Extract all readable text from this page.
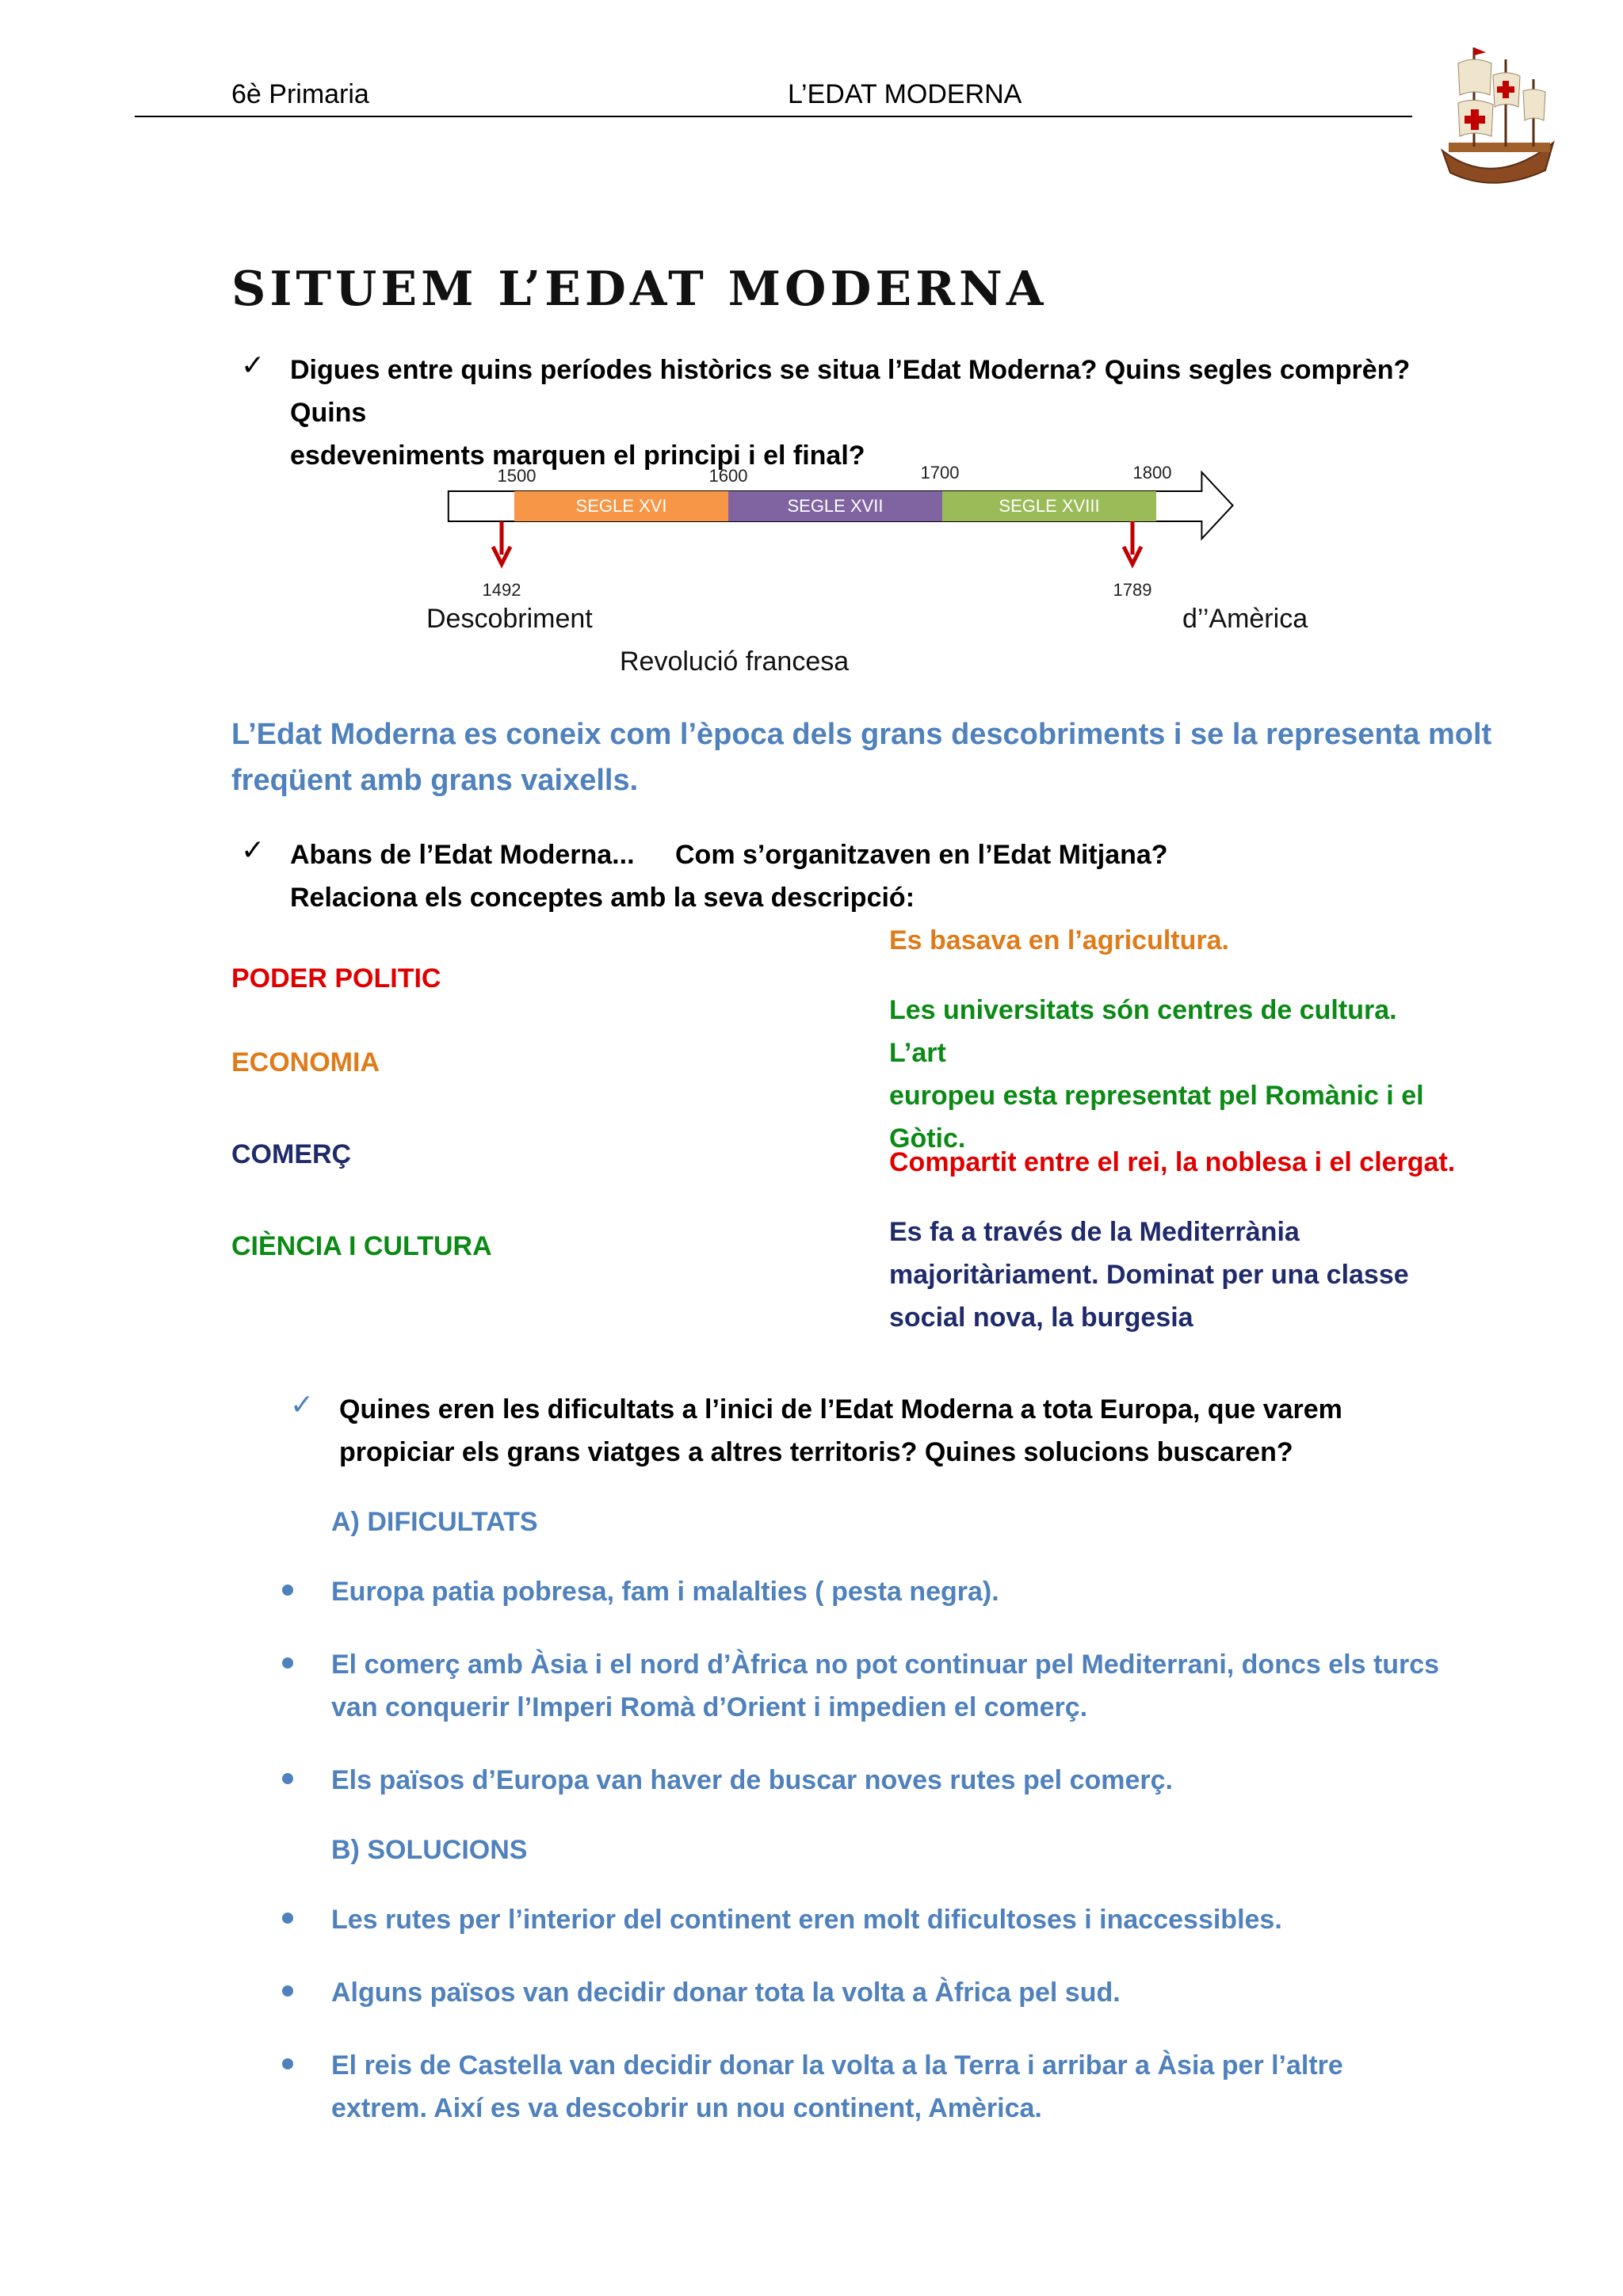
6è Primaria	L’EDAT MODERNA
SITUEM L’EDAT MODERNA
✓ Digues entre quins períodes històrics se situa l’Edat Moderna? Quins segles comprèn? Quins
esdeveniments marquen el principi i el final?
SEGLE XVI	SEGLE XVII	SEGLE XVIII
1500	1600	1700	1800
1492	1789
Descobriment	d’’Amèrica
Revolució francesa
L’Edat Moderna es coneix com l’època dels grans descobriments i se la representa molt
freqüent amb grans vaixells.
✓ Abans de l’Edat Moderna... Com s’organitzaven en l’Edat Mitjana?
Relaciona els conceptes amb la seva descripció:
PODER POLITIC
ECONOMIA
COMERÇ
CIÈNCIA I CULTURA
Es basava en l’agricultura.
Les universitats són centres de cultura. L’art
europeu esta representat pel Romànic i el
Gòtic.
Compartit entre el rei, la noblesa i el clergat.
Es fa a través de la Mediterrània
majoritàriament. Dominat per una classe
social nova, la burgesia
✓ Quines eren les dificultats a l’inici de l’Edat Moderna a tota Europa, que varem
propiciar els grans viatges a altres territoris? Quines solucions buscaren?
A) DIFICULTATS
Europa patia pobresa, fam i malalties ( pesta negra).
El comerç amb Àsia i el nord d’Àfrica no pot continuar pel Mediterrani, doncs els turcs
van conquerir l’Imperi Romà d’Orient i impedien el comerç.
Els països d’Europa van haver de buscar noves rutes pel comerç.
B) SOLUCIONS
Les rutes per l’interior del continent eren molt dificultoses i inaccessibles.
Alguns països van decidir donar tota la volta a Àfrica pel sud.
El reis de Castella van decidir donar la volta a la Terra i arribar a Àsia per l’altre
extrem. Així es va descobrir un nou continent, Amèrica.
